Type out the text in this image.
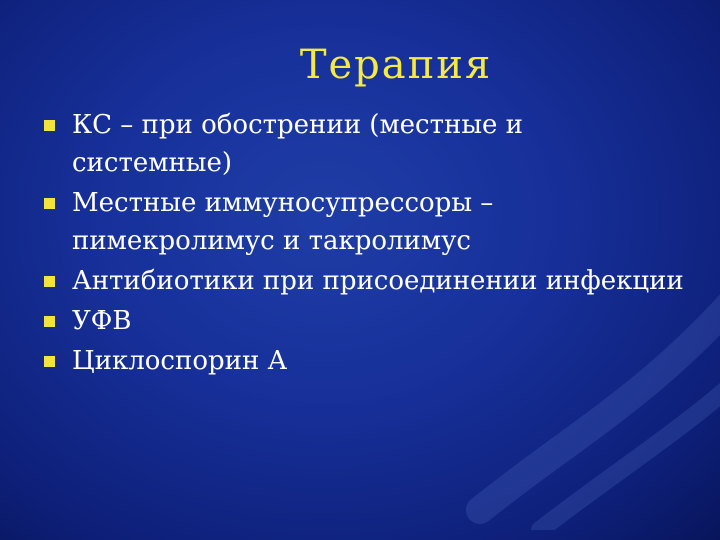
Терапия
КС – при обострении (местные и системные)
Местные иммуносупрессоры – пимекролимус и такролимус
Антибиотики при присоединении инфекции
УФВ
Циклоспорин А
